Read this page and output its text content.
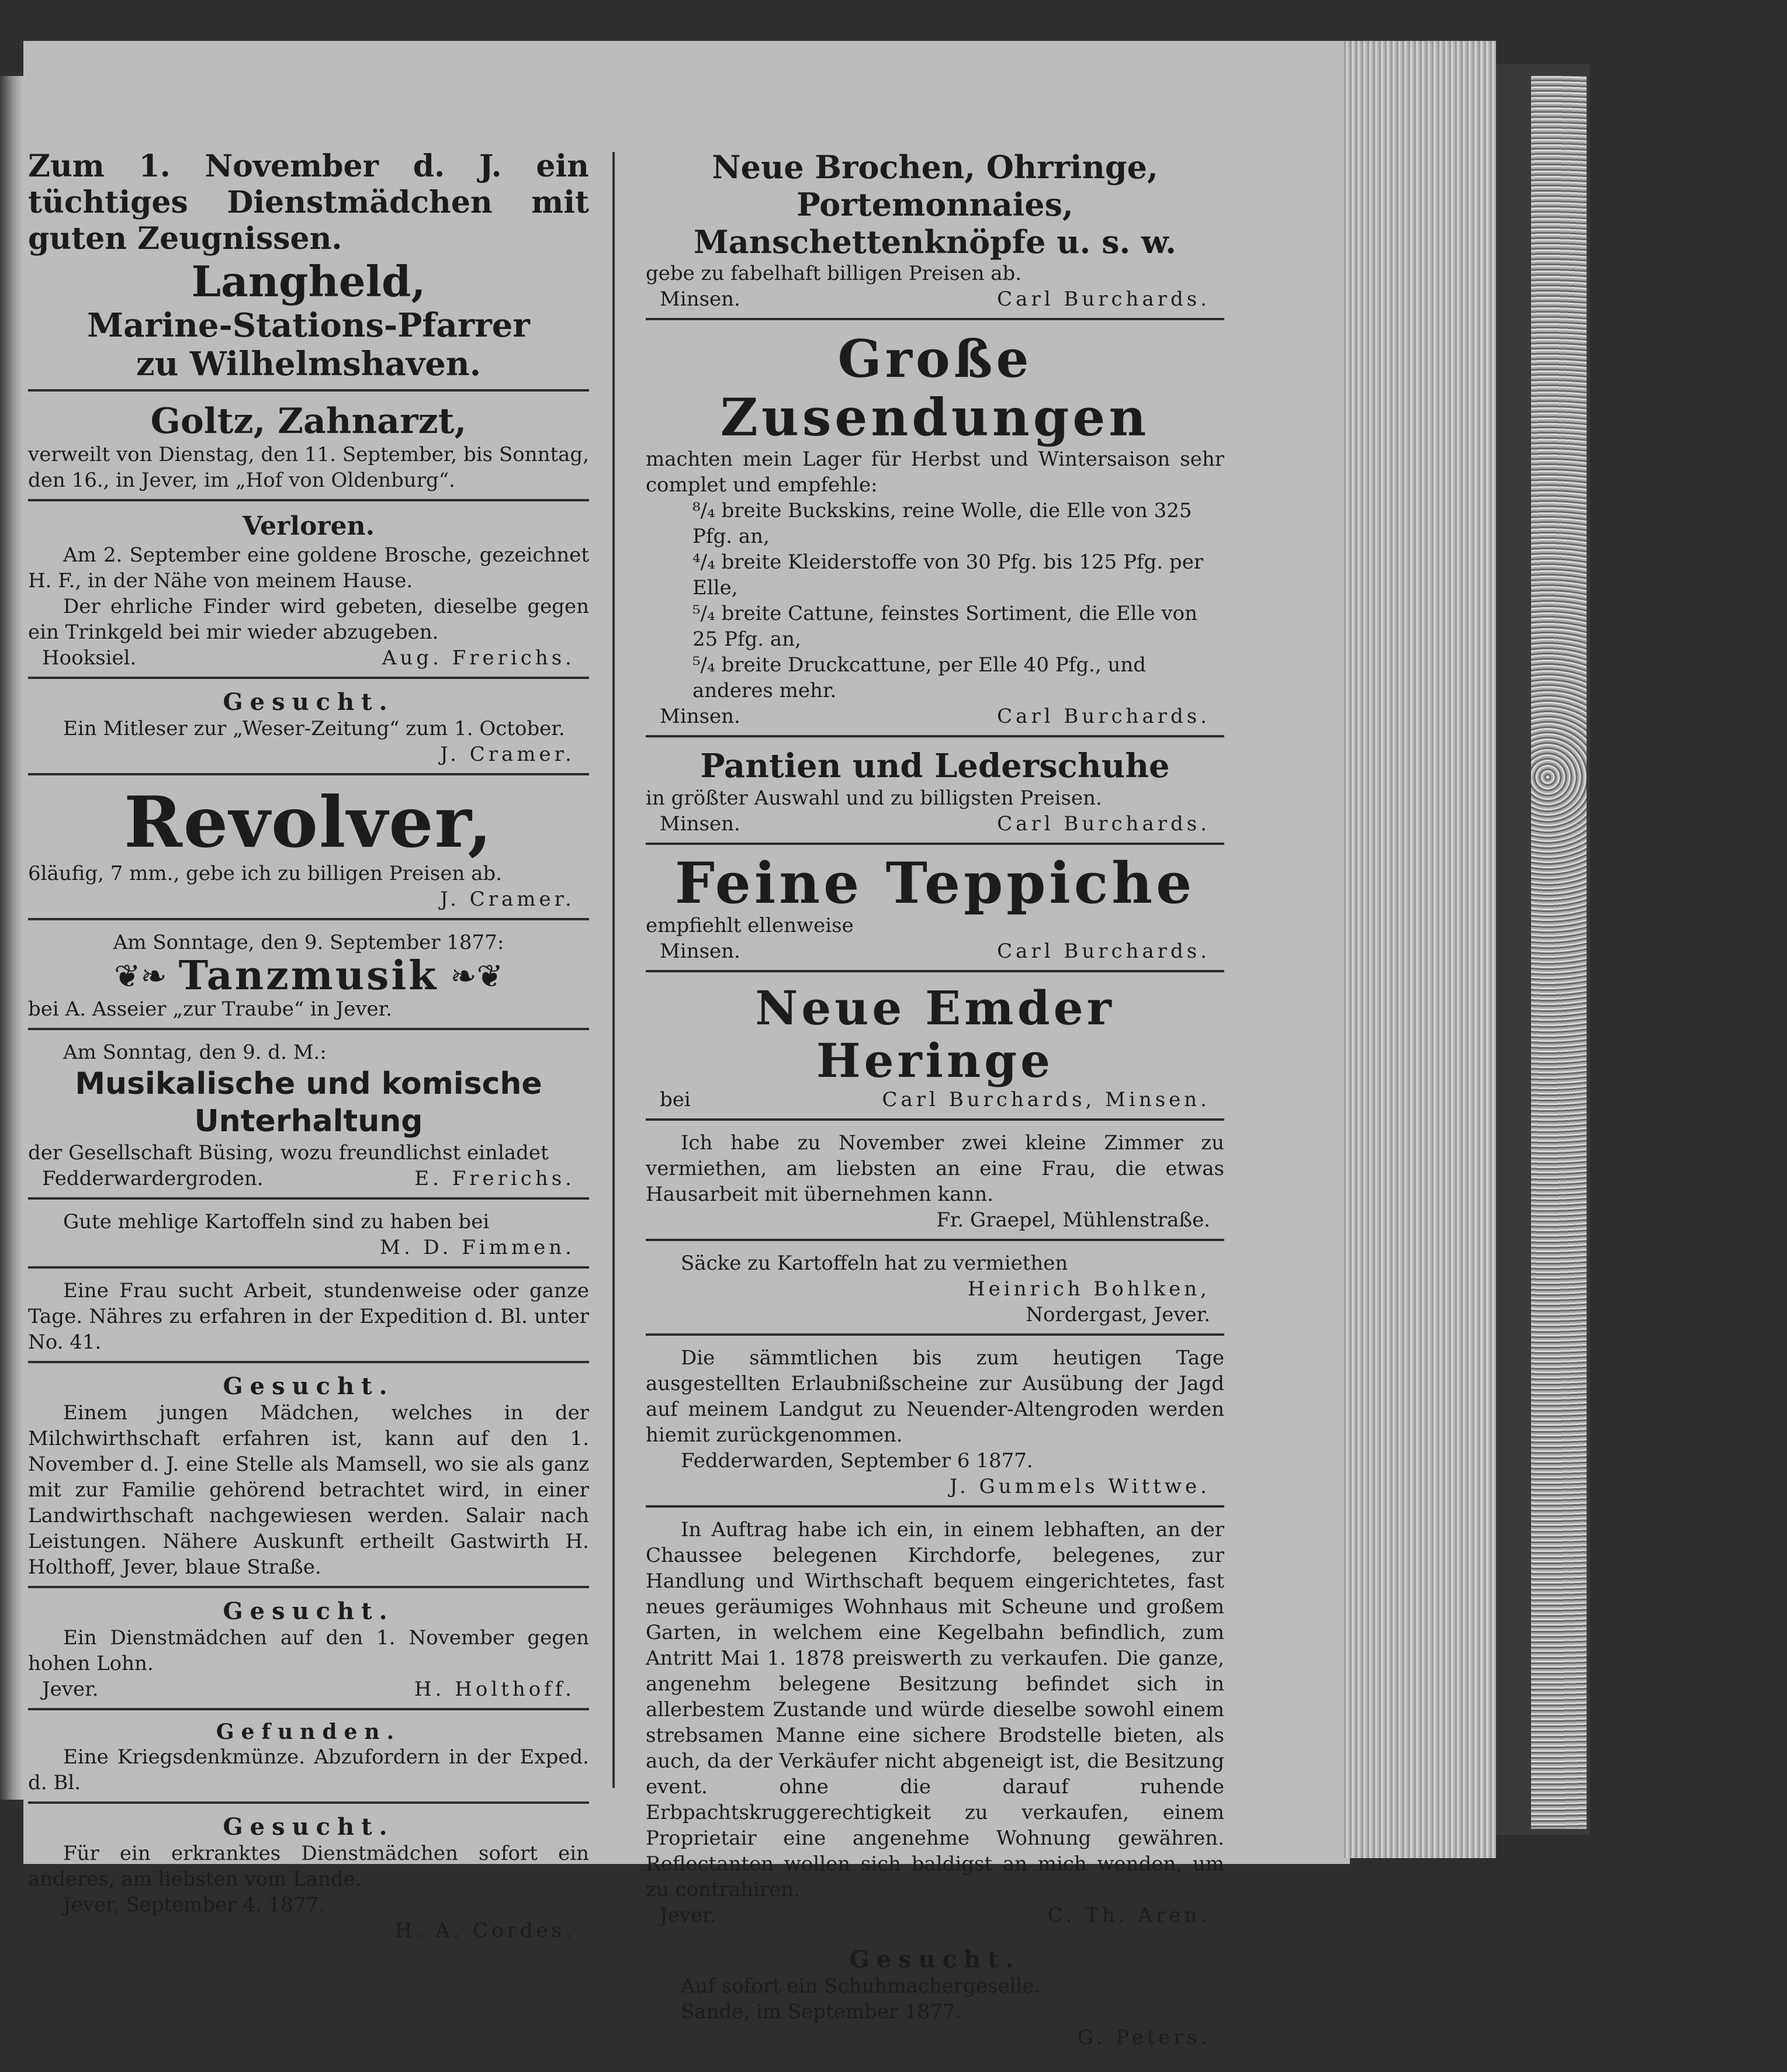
Zum 1. November d. J. ein tüchtiges Dienstmädchen mit guten Zeugnissen.
Langheld,
Marine-Stations-Pfarrer
zu Wilhelmshaven.
Goltz, Zahnarzt,
verweilt von Dienstag, den 11. September, bis Sonntag, den 16., in Jever, im „Hof von Oldenburg“.
Verloren.
Am 2. September eine goldene Brosche, gezeichnet H. F., in der Nähe von meinem Hause.
Der ehrliche Finder wird gebeten, dieselbe gegen ein Trinkgeld bei mir wieder abzugeben.
Hooksiel.	Aug. Frerichs.
Gesucht.
Ein Mitleser zur „Weser-Zeitung“ zum 1. October.
J. Cramer.
Revolver,
6läufig, 7 mm., gebe ich zu billigen Preisen ab.
J. Cramer.
Am Sonntage, den 9. September 1877:
❦❧ Tanzmusik ❧❦
bei A. Asseier „zur Traube“ in Jever.
Am Sonntag, den 9. d. M.:
Musikalische und komische
Unterhaltung
der Gesellschaft Büsing, wozu freundlichst einladet
Fedderwardergroden.	E. Frerichs.
Gute mehlige Kartoffeln sind zu haben bei
M. D. Fimmen.
Eine Frau sucht Arbeit, stundenweise oder ganze Tage. Nähres zu erfahren in der Expedition d. Bl. unter No. 41.
Gesucht.
Einem jungen Mädchen, welches in der Milchwirthschaft erfahren ist, kann auf den 1. November d. J. eine Stelle als Mamsell, wo sie als ganz mit zur Familie gehörend betrachtet wird, in einer Landwirthschaft nachgewiesen werden. Salair nach Leistungen. Nähere Auskunft ertheilt Gastwirth H. Holthoff, Jever, blaue Straße.
Gesucht.
Ein Dienstmädchen auf den 1. November gegen hohen Lohn.
Jever.	H. Holthoff.
Gefunden.
Eine Kriegsdenkmünze. Abzufordern in der Exped. d. Bl.
Gesucht.
Für ein erkranktes Dienstmädchen sofort ein anderes, am liebsten vom Lande.
Jever, September 4. 1877.
H. A. Cordes.
Neue Brochen, Ohrringe, Portemonnaies, Manschettenknöpfe u. s. w.
gebe zu fabelhaft billigen Preisen ab.
Minsen.	Carl Burchards.
Große Zusendungen
machten mein Lager für Herbst und Wintersaison sehr complet und empfehle:
⁸/₄ breite Buckskins, reine Wolle, die Elle von 325 Pfg. an,
⁴/₄ breite Kleiderstoffe von 30 Pfg. bis 125 Pfg. per Elle,
⁵/₄ breite Cattune, feinstes Sortiment, die Elle von 25 Pfg. an,
⁵/₄ breite Druckcattune, per Elle 40 Pfg., und anderes mehr.
Minsen.	Carl Burchards.
Pantien und Lederschuhe
in größter Auswahl und zu billigsten Preisen.
Minsen.	Carl Burchards.
Feine Teppiche
empfiehlt ellenweise
Minsen.	Carl Burchards.
Neue Emder Heringe
bei	Carl Burchards, Minsen.
Ich habe zu November zwei kleine Zimmer zu vermiethen, am liebsten an eine Frau, die etwas Hausarbeit mit übernehmen kann.
Fr. Graepel, Mühlenstraße.
Säcke zu Kartoffeln hat zu vermiethen
Heinrich Bohlken,
Nordergast, Jever.
Die sämmtlichen bis zum heutigen Tage ausgestellten Erlaubnißscheine zur Ausübung der Jagd auf meinem Landgut zu Neuender-Altengroden werden hiemit zurückgenommen.
Fedderwarden, September 6 1877.
J. Gummels Wittwe.
In Auftrag habe ich ein, in einem lebhaften, an der Chaussee belegenen Kirchdorfe, belegenes, zur Handlung und Wirthschaft bequem eingerichtetes, fast neues geräumiges Wohnhaus mit Scheune und großem Garten, in welchem eine Kegelbahn befindlich, zum Antritt Mai 1. 1878 preiswerth zu verkaufen. Die ganze, angenehm belegene Besitzung befindet sich in allerbestem Zustande und würde dieselbe sowohl einem strebsamen Manne eine sichere Brodstelle bieten, als auch, da der Verkäufer nicht abgeneigt ist, die Besitzung event. ohne die darauf ruhende Erbpachtskruggerechtigkeit zu verkaufen, einem Proprietair eine angenehme Wohnung gewähren. Reflectanten wollen sich baldigst an mich wenden, um zu contrahiren.
Jever.	C. Th. Aren.
Gesucht.
Auf sofort ein Schuhmachergeselle.
Sande, im September 1877.
G. Peters.
